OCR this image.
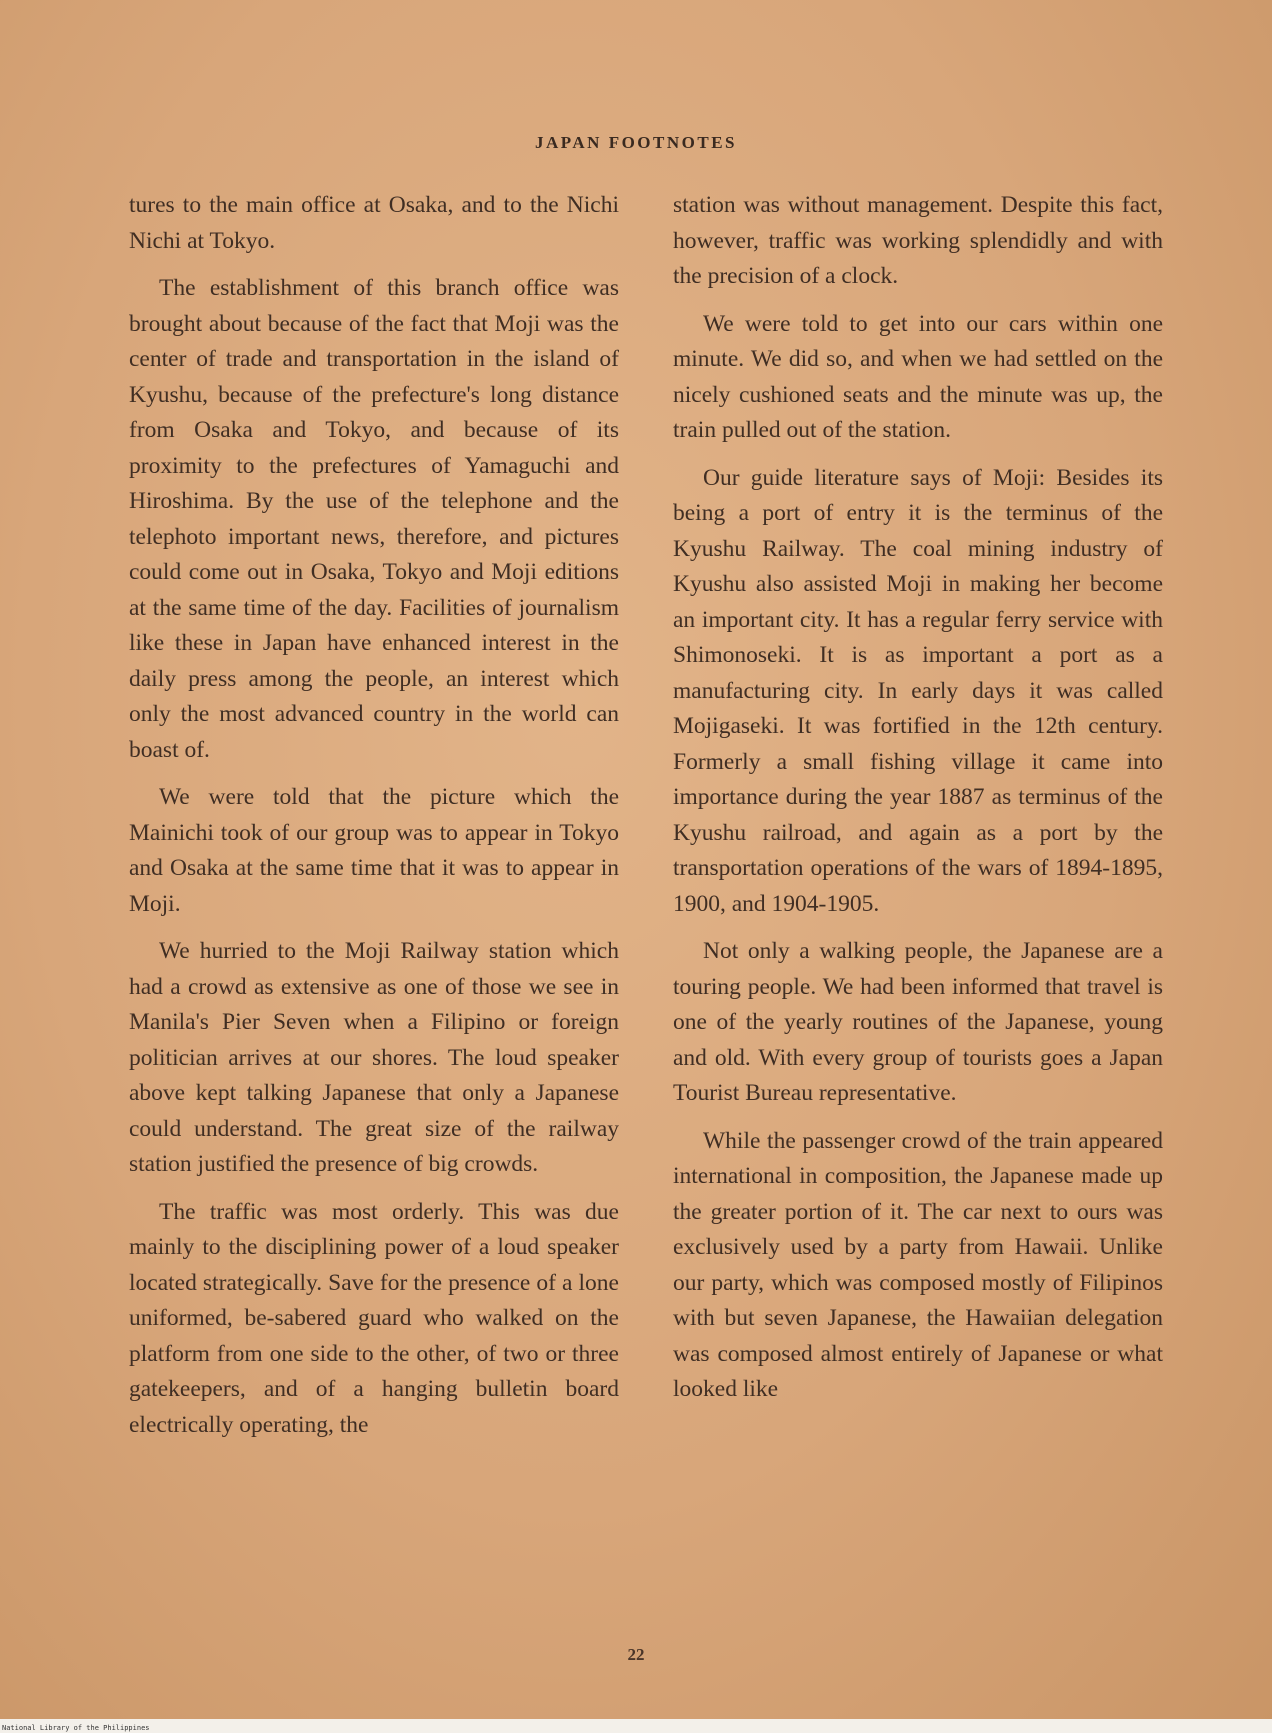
JAPAN FOOTNOTES

tures to the main office at Osaka, and to the Nichi Nichi at Tokyo.

The establishment of this branch office was brought about because of the fact that Moji was the center of trade and transportation in the island of Kyushu, because of the prefecture's long distance from Osaka and Tokyo, and because of its proximity to the prefectures of Yamaguchi and Hiroshima. By the use of the telephone and the telephoto important news, therefore, and pictures could come out in Osaka, Tokyo and Moji editions at the same time of the day. Facilities of journalism like these in Japan have enhanced interest in the daily press among the people, an interest which only the most advanced country in the world can boast of.

We were told that the picture which the Mainichi took of our group was to appear in Tokyo and Osaka at the same time that it was to appear in Moji.

We hurried to the Moji Railway station which had a crowd as extensive as one of those we see in Manila's Pier Seven when a Filipino or foreign politician arrives at our shores. The loud speaker above kept talking Japanese that only a Japanese could understand. The great size of the railway station justified the presence of big crowds.

The traffic was most orderly. This was due mainly to the disciplining power of a loud speaker located strategically. Save for the presence of a lone uniformed, be-sabered guard who walked on the platform from one side to the other, of two or three gatekeepers, and of a hanging bulletin board electrically operating, the

station was without management. Despite this fact, however, traffic was working splendidly and with the precision of a clock.

We were told to get into our cars within one minute. We did so, and when we had settled on the nicely cushioned seats and the minute was up, the train pulled out of the station.

Our guide literature says of Moji: Besides its being a port of entry it is the terminus of the Kyushu Railway. The coal mining industry of Kyushu also assisted Moji in making her become an important city. It has a regular ferry service with Shimonoseki. It is as important a port as a manufacturing city. In early days it was called Mojigaseki. It was fortified in the 12th century. Formerly a small fishing village it came into importance during the year 1887 as terminus of the Kyushu railroad, and again as a port by the transportation operations of the wars of 1894-1895, 1900, and 1904-1905.

Not only a walking people, the Japanese are a touring people. We had been informed that travel is one of the yearly routines of the Japanese, young and old. With every group of tourists goes a Japan Tourist Bureau representative.

While the passenger crowd of the train appeared international in composition, the Japanese made up the greater portion of it. The car next to ours was exclusively used by a party from Hawaii. Unlike our party, which was composed mostly of Filipinos with but seven Japanese, the Hawaiian delegation was composed almost entirely of Japanese or what looked like

22
National Library of the Philippines
